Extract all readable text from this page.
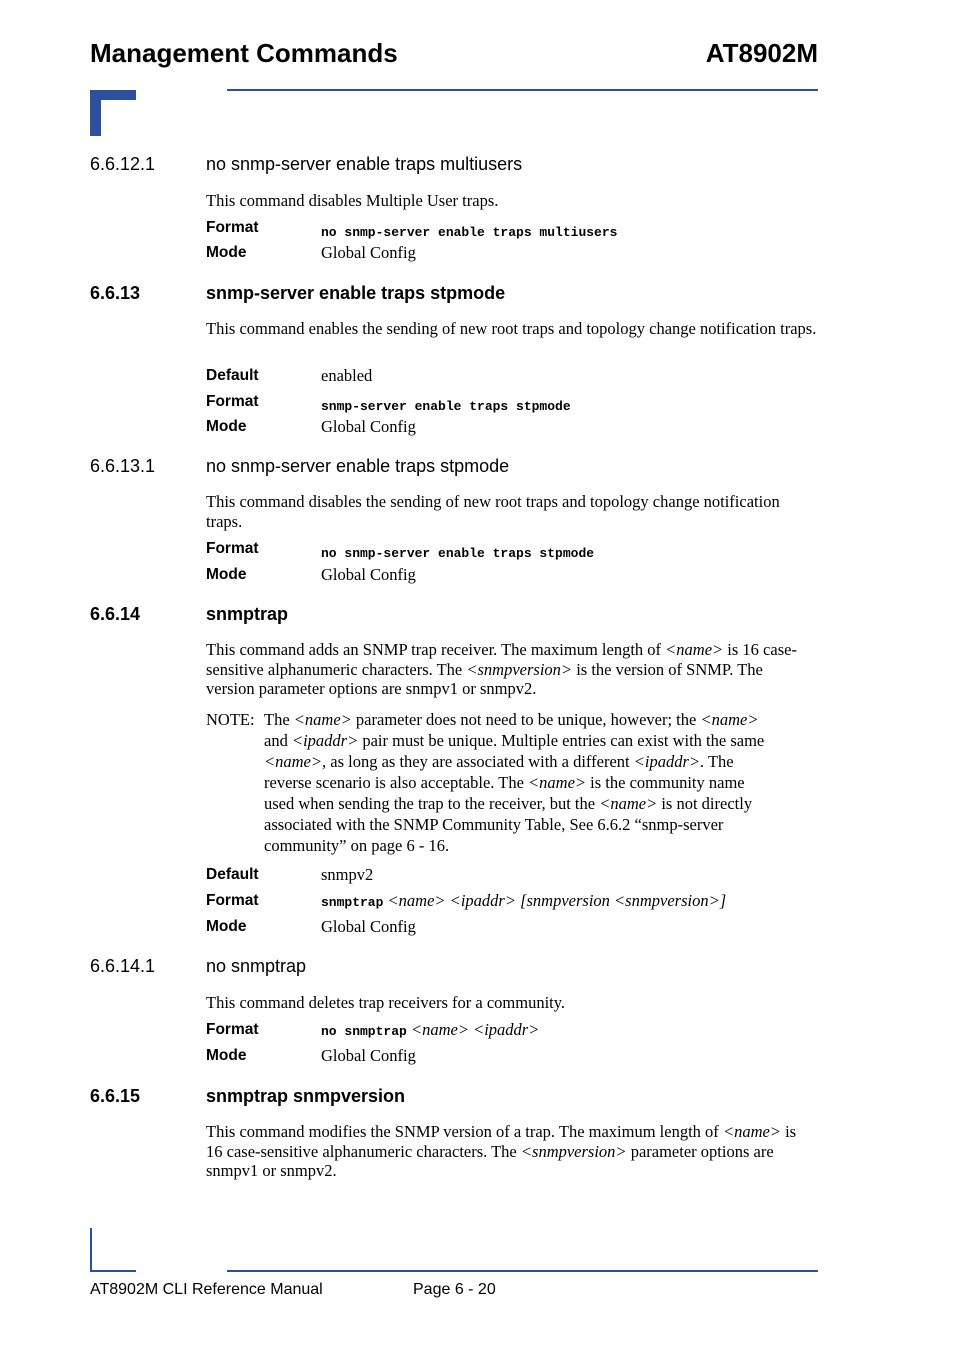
Management Commands	AT8902M
6.6.12.1	no snmp-server enable traps multiusers
This command disables Multiple User traps.
Format	no snmp-server enable traps multiusers
Mode	Global Config
6.6.13	snmp-server enable traps stpmode
This command enables the sending of new root traps and topology change notification traps.
Default	enabled
Format	snmp-server enable traps stpmode
Mode	Global Config
6.6.13.1	no snmp-server enable traps stpmode
This command disables the sending of new root traps and topology change notification traps.
Format	no snmp-server enable traps stpmode
Mode	Global Config
6.6.14	snmptrap
This command adds an SNMP trap receiver. The maximum length of <name> is 16 case-sensitive alphanumeric characters. The <snmpversion> is the version of SNMP. The version parameter options are snmpv1 or snmpv2.
NOTE: The <name> parameter does not need to be unique, however; the <name> and <ipaddr> pair must be unique. Multiple entries can exist with the same <name>, as long as they are associated with a different <ipaddr>. The reverse scenario is also acceptable. The <name> is the community name used when sending the trap to the receiver, but the <name> is not directly associated with the SNMP Community Table, See 6.6.2 “snmp-server community” on page 6 - 16.
Default	snmpv2
Format	snmptrap <name> <ipaddr> [snmpversion <snmpversion>]
Mode	Global Config
6.6.14.1	no snmptrap
This command deletes trap receivers for a community.
Format	no snmptrap <name> <ipaddr>
Mode	Global Config
6.6.15	snmptrap snmpversion
This command modifies the SNMP version of a trap. The maximum length of <name> is 16 case-sensitive alphanumeric characters. The <snmpversion> parameter options are snmpv1 or snmpv2.
AT8902M CLI Reference Manual	Page 6 - 20
